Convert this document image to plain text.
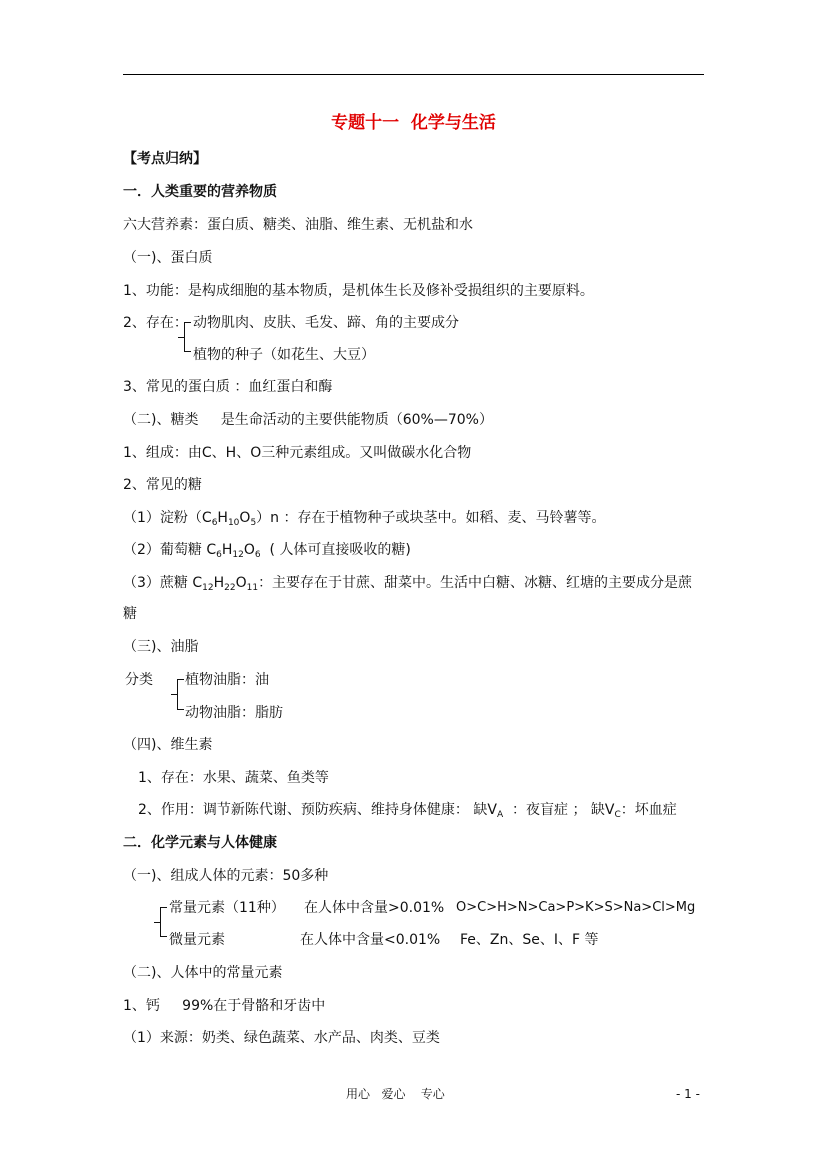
专题十一  化学与生活
【考点归纳】
一．人类重要的营养物质
六大营养素：蛋白质、糖类、油脂、维生素、无机盐和水
（一)、蛋白质
1、功能：是构成细胞的基本物质，是机体生长及修补受损组织的主要原料。
2、存在： 动物肌肉、皮肤、毛发、蹄、角的主要成分
植物的种子（如花生、大豆）
3、常见的蛋白质 ：血红蛋白和酶
（二)、糖类     是生命活动的主要供能物质（60%—70%）
1、组成：由C、H、O三种元素组成。又叫做碳水化合物
2、常见的糖
（1）淀粉$(C_6H_{10}O_5)n$ ：存在于植物种子或块茎中。如稻、麦、马铃薯等。
（2）葡萄糖 $C_6H_{12}O_6$  ( 人体可直接吸收的糖)
（3）蔗糖 $C_{12}H_{22}O_{11}$：主要存在于甘蔗、甜菜中。生活中白糖、冰糖、红塘的主要成分是蔗
糖
（三)、油脂
分类 植物油脂：油
动物油脂：脂肪
（四)、维生素
1、存在：水果、蔬菜、鱼类等
2、作用：调节新陈代谢、预防疾病、维持身体健康： 缺$V_A$  ：夜盲症 ； 缺$V_C$：坏血症
二．化学元素与人体健康
（一)、组成人体的元素：50多种
常量元素（11种） 在人体中含量>0.01% O>C>H>N>Ca>P>K>S>Na>Cl>Mg
微量元素	在人体中含量<0.01% Fe、Zn、Se、I、F 等
（二)、人体中的常量元素
1、钙     99%在于骨骼和牙齿中
（1）来源：奶类、绿色蔬菜、水产品、肉类、豆类
用心   爱心    专心	- 1 -
